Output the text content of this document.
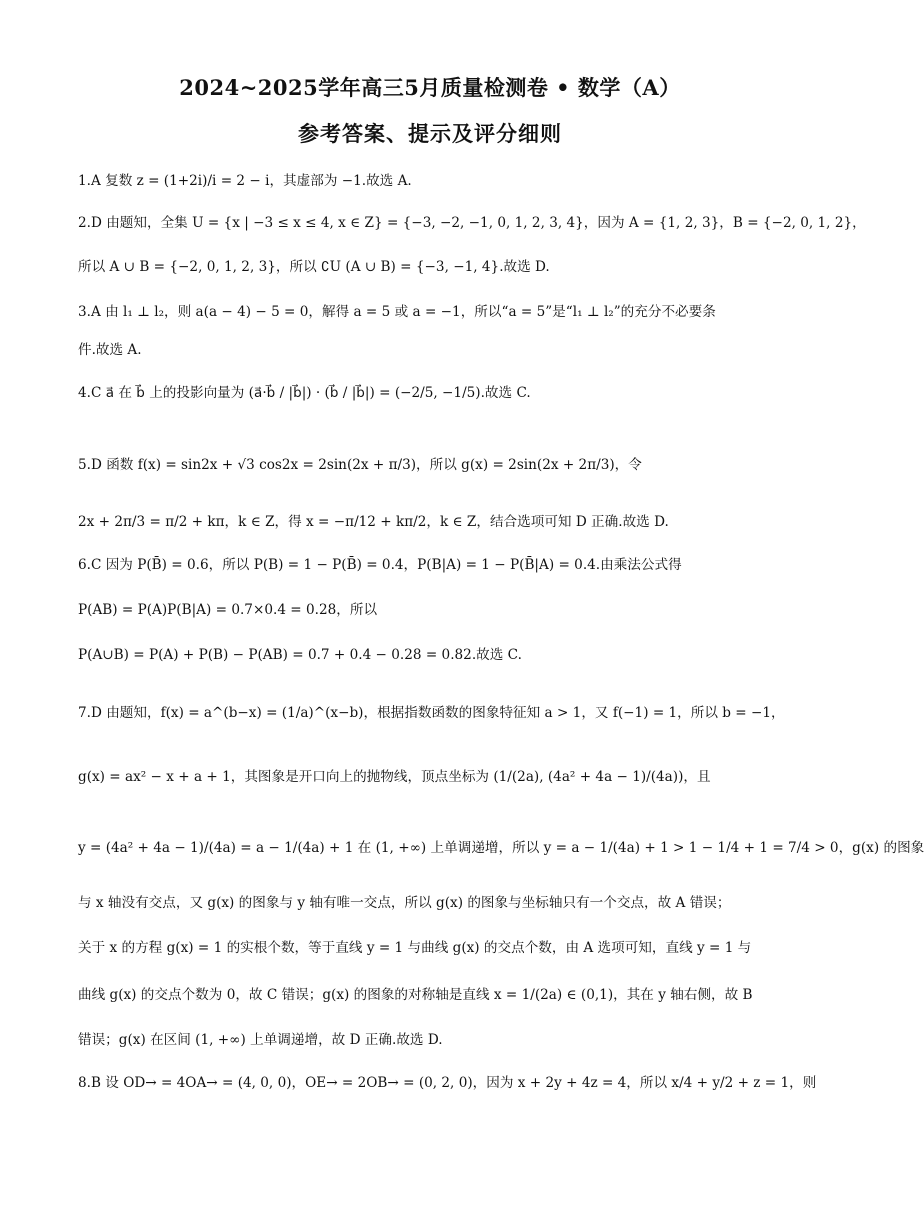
2024~2025学年高三5月质量检测卷 • 数学（A）
参考答案、提示及评分细则
1.A 复数 z = (1+2i)/i = 2 − i，其虚部为 −1.故选 A.
2.D 由题知，全集 U = {x | −3 ≤ x ≤ 4, x ∈ Z} = {−3, −2, −1, 0, 1, 2, 3, 4}，因为 A = {1, 2, 3}，B = {−2, 0, 1, 2}，
所以 A ∪ B = {−2, 0, 1, 2, 3}，所以 ∁U (A ∪ B) = {−3, −1, 4}.故选 D.
3.A 由 l₁ ⊥ l₂，则 a(a − 4) − 5 = 0，解得 a = 5 或 a = −1，所以“a = 5”是“l₁ ⊥ l₂”的充分不必要条
件.故选 A.
4.C a⃗ 在 b⃗ 上的投影向量为 (a⃗·b⃗ / |b⃗|) · (b⃗ / |b⃗|) = (−2/5, −1/5).故选 C.
5.D 函数 f(x) = sin2x + √3 cos2x = 2sin(2x + π/3)，所以 g(x) = 2sin(2x + 2π/3)，令
2x + 2π/3 = π/2 + kπ，k ∈ Z，得 x = −π/12 + kπ/2，k ∈ Z，结合选项可知 D 正确.故选 D.
6.C 因为 P(B̄) = 0.6，所以 P(B) = 1 − P(B̄) = 0.4，P(B|A) = 1 − P(B̄|A) = 0.4.由乘法公式得
P(AB) = P(A)P(B|A) = 0.7×0.4 = 0.28，所以
P(A∪B) = P(A) + P(B) − P(AB) = 0.7 + 0.4 − 0.28 = 0.82.故选 C.
7.D 由题知，f(x) = a^(b−x) = (1/a)^(x−b)，根据指数函数的图象特征知 a > 1，又 f(−1) = 1，所以 b = −1，
g(x) = ax² − x + a + 1，其图象是开口向上的抛物线，顶点坐标为 (1/(2a), (4a² + 4a − 1)/(4a))，且
y = (4a² + 4a − 1)/(4a) = a − 1/(4a) + 1 在 (1, +∞) 上单调递增，所以 y = a − 1/(4a) + 1 > 1 − 1/4 + 1 = 7/4 > 0，g(x) 的图象
与 x 轴没有交点，又 g(x) 的图象与 y 轴有唯一交点，所以 g(x) 的图象与坐标轴只有一个交点，故 A 错误；
关于 x 的方程 g(x) = 1 的实根个数，等于直线 y = 1 与曲线 g(x) 的交点个数，由 A 选项可知，直线 y = 1 与
曲线 g(x) 的交点个数为 0，故 C 错误；g(x) 的图象的对称轴是直线 x = 1/(2a) ∈ (0,1)，其在 y 轴右侧，故 B
错误；g(x) 在区间 (1, +∞) 上单调递增，故 D 正确.故选 D.
8.B 设 OD→ = 4OA→ = (4, 0, 0)，OE→ = 2OB→ = (0, 2, 0)，因为 x + 2y + 4z = 4，所以 x/4 + y/2 + z = 1，则
